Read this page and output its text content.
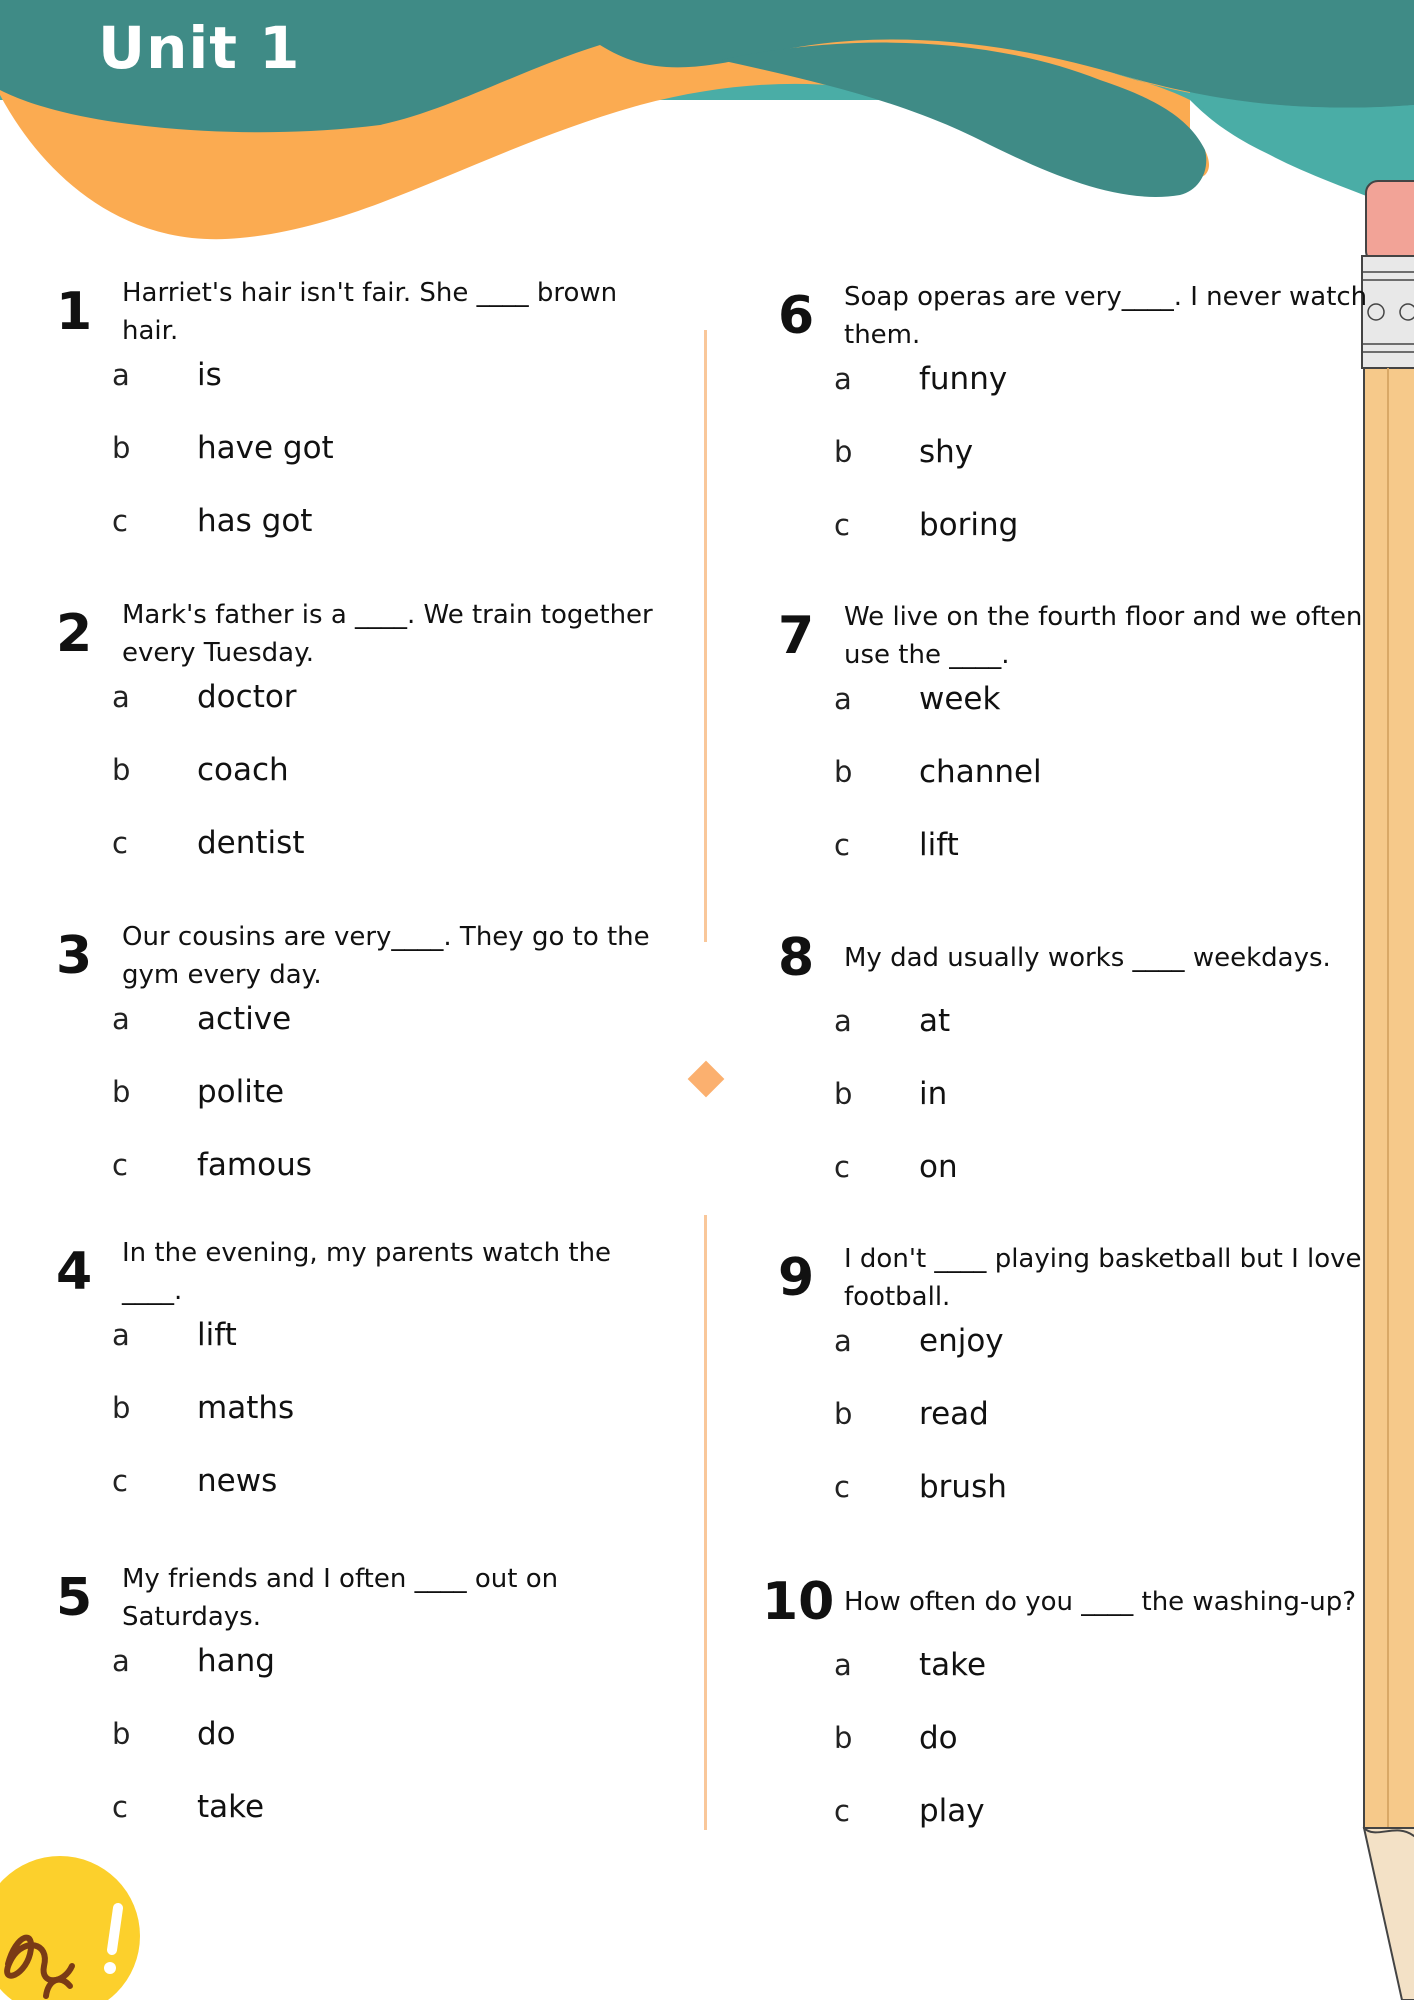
Unit 1
1 Harriet's hair isn't fair. She ____ brown hair.
a	is
b	have got
c	has got
2 Mark's father is a ____. We train together every Tuesday.
a	doctor
b	coach
c	dentist
3 Our cousins are very____. They go to the gym every day.
a	active
b	polite
c	famous
4 In the evening, my parents watch the ____.
a	lift
b	maths
c	news
5 My friends and I often ____ out on Saturdays.
a	hang
b	do
c	take
6 Soap operas are very____. I never watch them.
a	funny
b	shy
c	boring
7 We live on the fourth floor and we often use the ____.
a	week
b	channel
c	lift
8 My dad usually works ____ weekdays.
a	at
b	in
c	on
9 I don't ____ playing basketball but I love football.
a	enjoy
b	read
c	brush
10 How often do you ____ the washing-up?
a	take
b	do
c	play
